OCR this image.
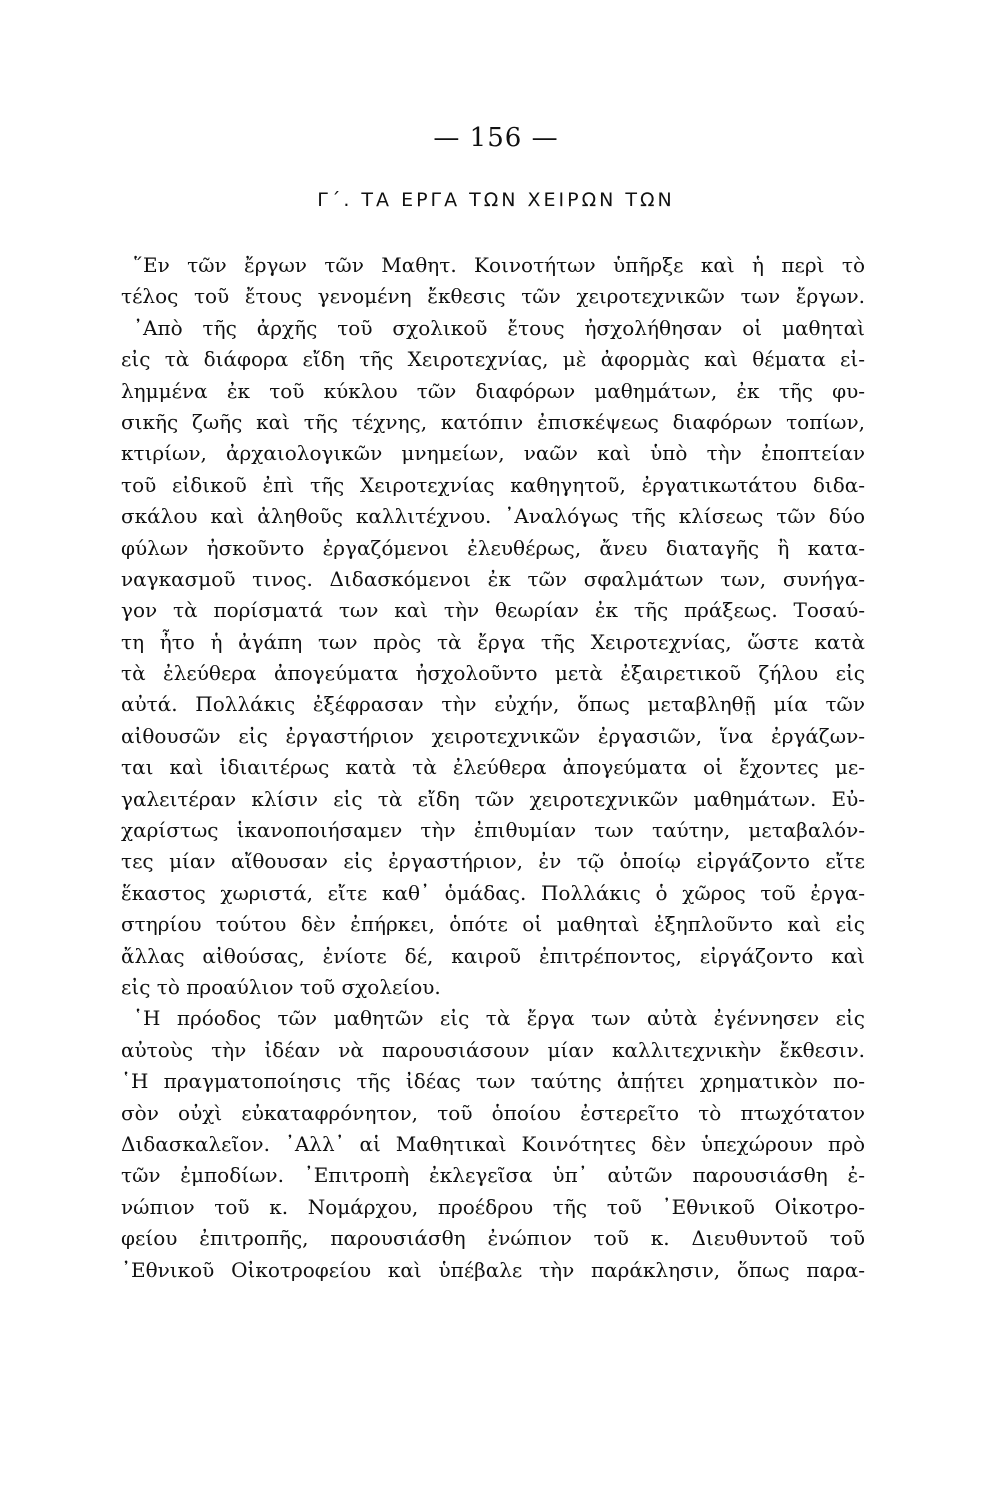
— 156 —
Γ΄. ΤΑ ΕΡΓΑ ΤΩΝ ΧΕΙΡΩΝ ΤΩΝ
῞Εν τῶν ἔργων τῶν Μαθητ. Κοινοτήτων ὑπῆρξε καὶ ἡ περὶ τὸ
τέλος τοῦ ἔτους γενομένη ἔκθεσις τῶν χειροτεχνικῶν των ἔργων.
᾿Απὸ τῆς ἀρχῆς τοῦ σχολικοῦ ἔτους ἠσχολήθησαν οἱ μαθηταὶ
εἰς τὰ διάφορα εἴδη τῆς Χειροτεχνίας, μὲ ἀφορμὰς καὶ θέματα εἰ-
λημμένα ἐκ τοῦ κύκλου τῶν διαφόρων μαθημάτων, ἐκ τῆς φυ-
σικῆς ζωῆς καὶ τῆς τέχνης, κατόπιν ἐπισκέψεως διαφόρων τοπίων,
κτιρίων, ἀρχαιολογικῶν μνημείων, ναῶν καὶ ὑπὸ τὴν ἐποπτείαν
τοῦ εἰδικοῦ ἐπὶ τῆς Χειροτεχνίας καθηγητοῦ, ἐργατικωτάτου διδα-
σκάλου καὶ ἀληθοῦς καλλιτέχνου. ᾿Αναλόγως τῆς κλίσεως τῶν δύο
φύλων ἠσκοῦντο ἐργαζόμενοι ἐλευθέρως, ἄνευ διαταγῆς ἢ κατα-
ναγκασμοῦ τινος. Διδασκόμενοι ἐκ τῶν σφαλμάτων των, συνήγα-
γον τὰ πορίσματά των καὶ τὴν θεωρίαν ἐκ τῆς πράξεως. Τοσαύ-
τη ἦτο ἡ ἀγάπη των πρὸς τὰ ἔργα τῆς Χειροτεχνίας, ὥστε κατὰ
τὰ ἐλεύθερα ἀπογεύματα ἠσχολοῦντο μετὰ ἐξαιρετικοῦ ζήλου εἰς
αὐτά. Πολλάκις ἐξέφρασαν τὴν εὐχήν, ὅπως μεταβληθῇ μία τῶν
αἰθουσῶν εἰς ἐργαστήριον χειροτεχνικῶν ἐργασιῶν, ἵνα ἐργάζων-
ται καὶ ἰδιαιτέρως κατὰ τὰ ἐλεύθερα ἀπογεύματα οἱ ἔχοντες με-
γαλειτέραν κλίσιν εἰς τὰ εἴδη τῶν χειροτεχνικῶν μαθημάτων. Εὐ-
χαρίστως ἱκανοποιήσαμεν τὴν ἐπιθυμίαν των ταύτην, μεταβαλόν-
τες μίαν αἴθουσαν εἰς ἐργαστήριον, ἐν τῷ ὁποίῳ εἰργάζοντο εἴτε
ἕκαστος χωριστά, εἴτε καθ᾿ ὁμάδας. Πολλάκις ὁ χῶρος τοῦ ἐργα-
στηρίου τούτου δὲν ἐπήρκει, ὁπότε οἱ μαθηταὶ ἐξηπλοῦντο καὶ εἰς
ἄλλας αἰθούσας, ἐνίοτε δέ, καιροῦ ἐπιτρέποντος, εἰργάζοντο καὶ
εἰς τὸ προαύλιον τοῦ σχολείου.
῾Η πρόοδος τῶν μαθητῶν εἰς τὰ ἔργα των αὐτὰ ἐγέννησεν εἰς
αὐτοὺς τὴν ἰδέαν νὰ παρουσιάσουν μίαν καλλιτεχνικὴν ἔκθεσιν.
῾Η πραγματοποίησις τῆς ἰδέας των ταύτης ἀπῄτει χρηματικὸν πο-
σὸν οὐχὶ εὐκαταφρόνητον, τοῦ ὁποίου ἐστερεῖτο τὸ πτωχότατον
Διδασκαλεῖον. ᾿Αλλ᾿ αἱ Μαθητικαὶ Κοινότητες δὲν ὑπεχώρουν πρὸ
τῶν ἐμποδίων. ᾿Επιτροπὴ ἐκλεγεῖσα ὑπ᾿ αὐτῶν παρουσιάσθη ἐ-
νώπιον τοῦ κ. Νομάρχου, προέδρου τῆς τοῦ ᾿Εθνικοῦ Οἰκοτρο-
φείου ἐπιτροπῆς, παρουσιάσθη ἐνώπιον τοῦ κ. Διευθυντοῦ τοῦ
᾿Εθνικοῦ Οἰκοτροφείου καὶ ὑπέβαλε τὴν παράκλησιν, ὅπως παρα-
